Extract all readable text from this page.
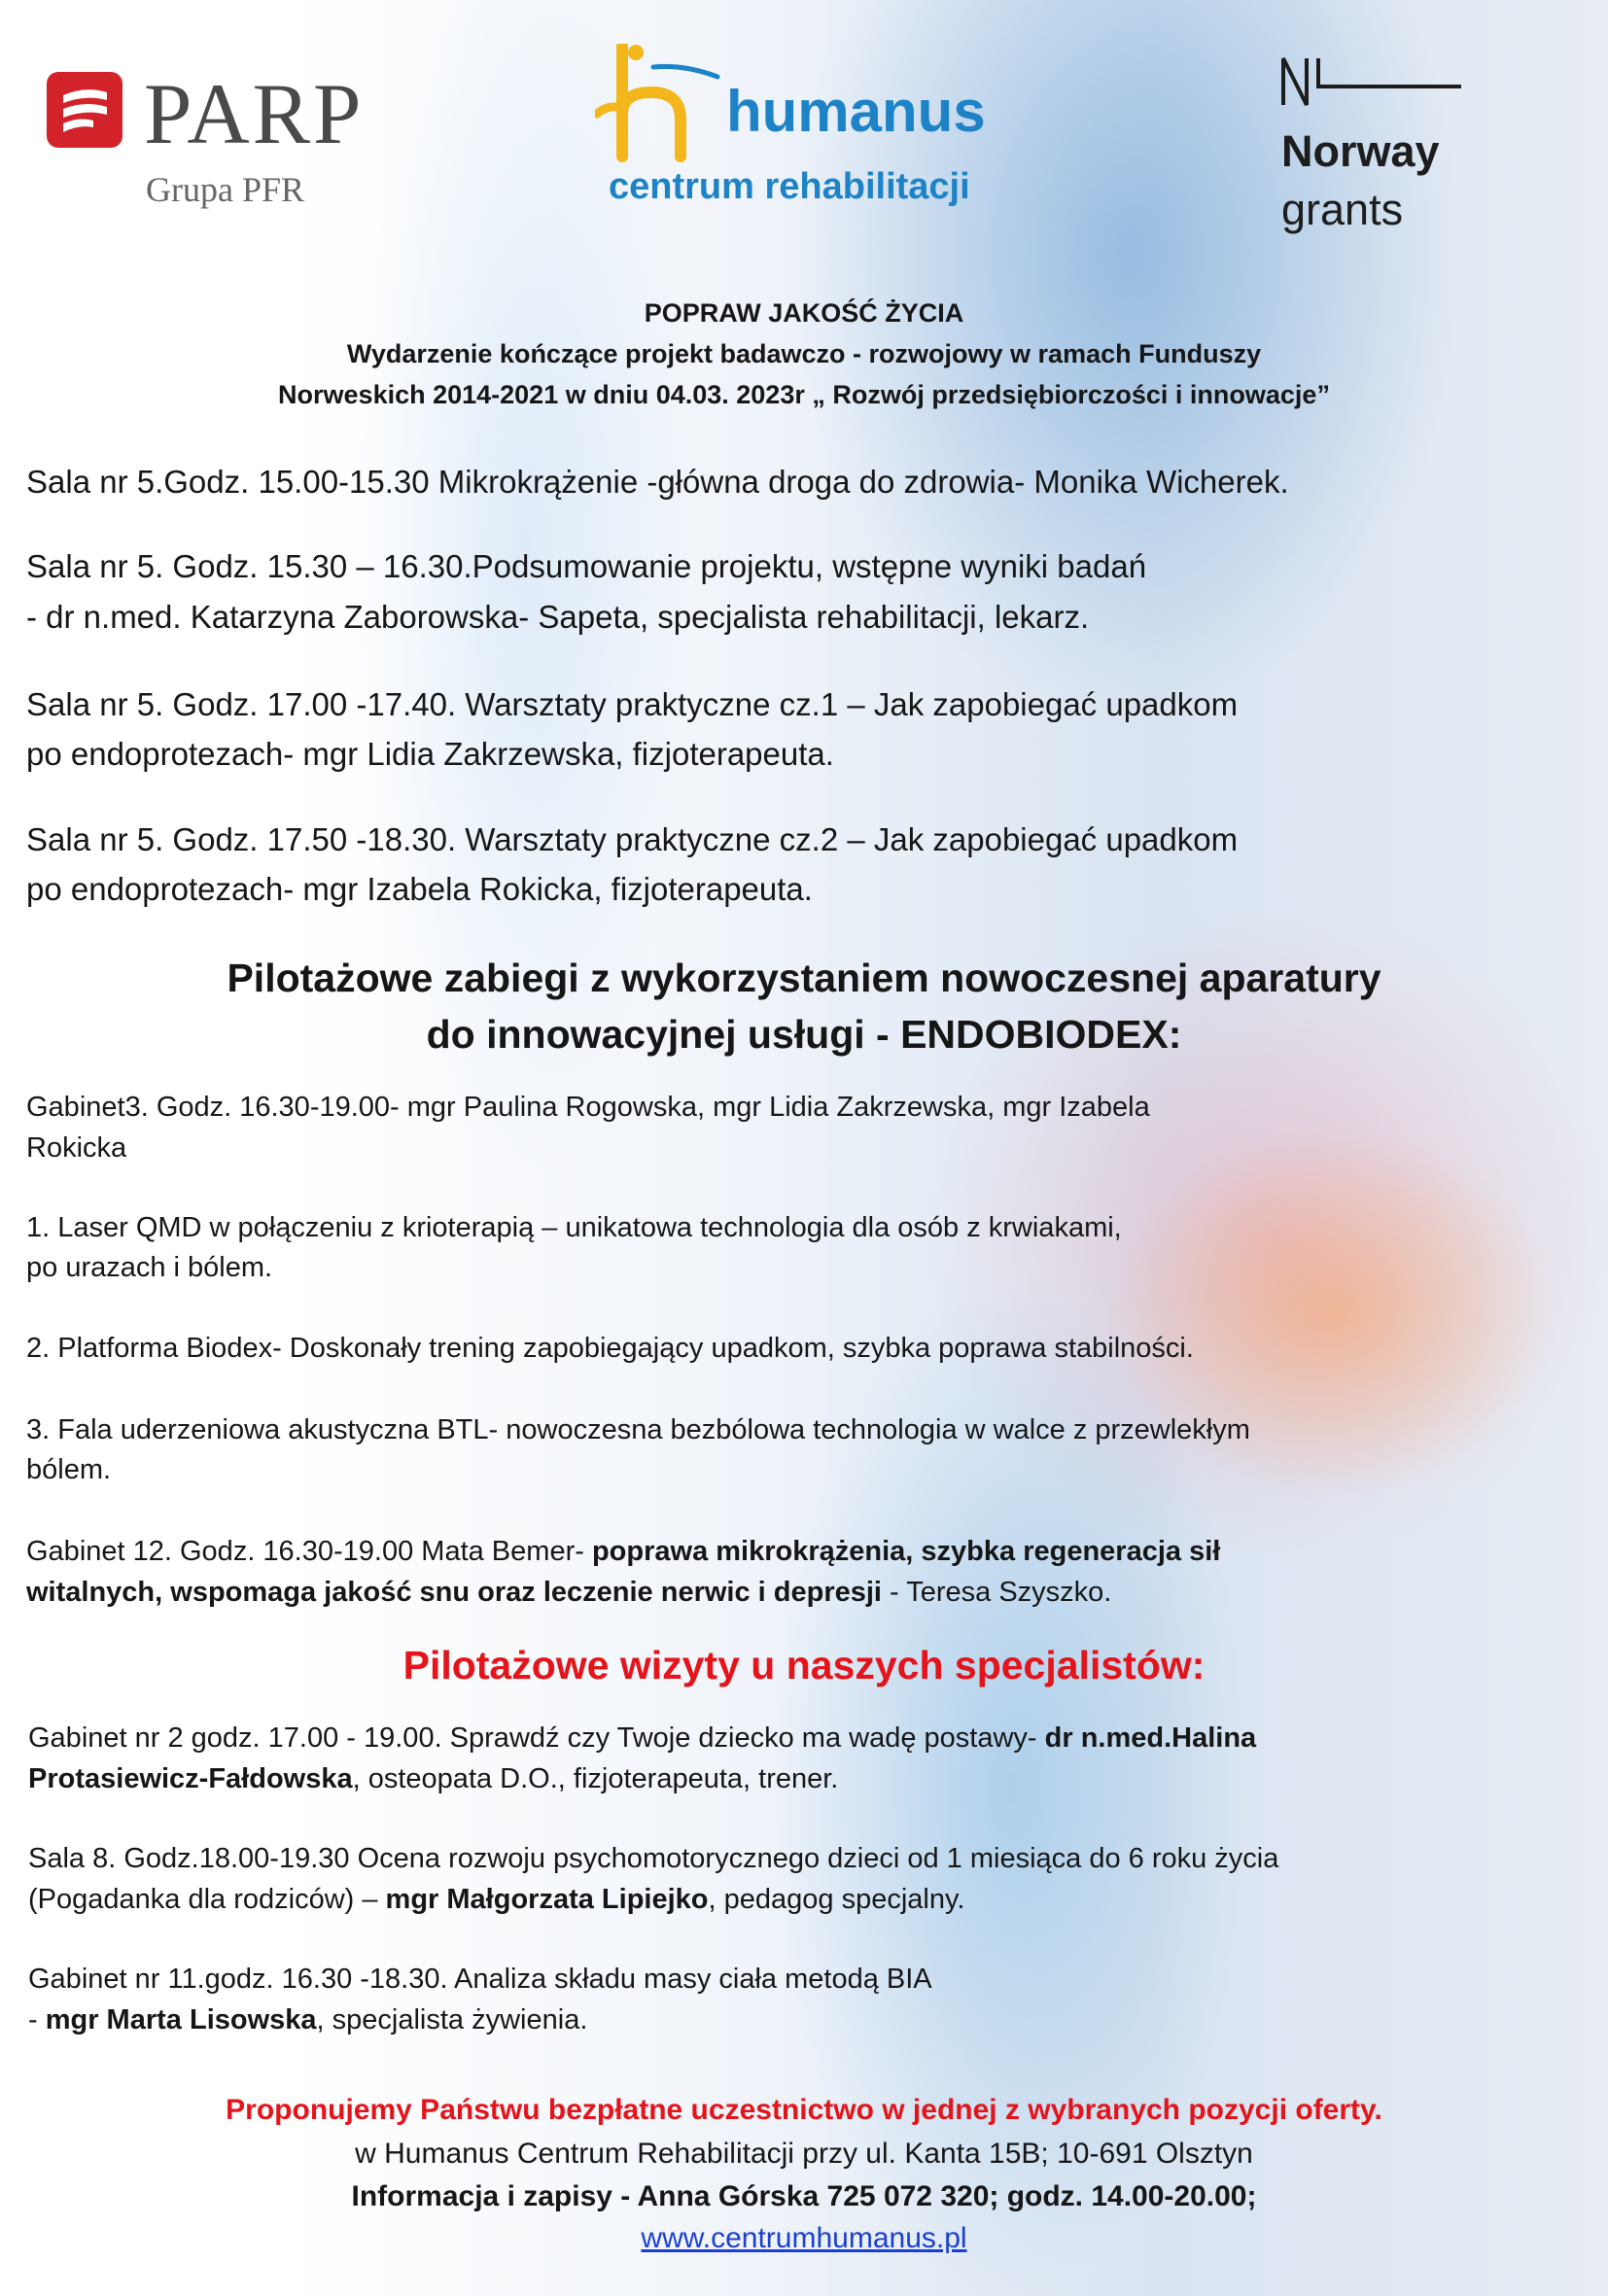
PARP
Grupa PFR
humanus
centrum rehabilitacji
Norway
grants
POPRAW JAKOŚĆ ŻYCIA
Wydarzenie kończące projekt badawczo - rozwojowy w ramach Funduszy
Norweskich 2014-2021 w dniu 04.03. 2023r „ Rozwój przedsiębiorczości i innowacje”
Sala nr 5.Godz. 15.00-15.30 Mikrokrążenie -główna droga do zdrowia- Monika Wicherek.
Sala nr 5. Godz. 15.30 – 16.30.Podsumowanie projektu, wstępne wyniki badań
- dr n.med. Katarzyna Zaborowska- Sapeta, specjalista rehabilitacji, lekarz.
Sala nr 5. Godz. 17.00 -17.40. Warsztaty praktyczne cz.1 – Jak zapobiegać upadkom
po endoprotezach- mgr Lidia Zakrzewska, fizjoterapeuta.
Sala nr 5. Godz. 17.50 -18.30. Warsztaty praktyczne cz.2 – Jak zapobiegać upadkom
po endoprotezach- mgr Izabela Rokicka, fizjoterapeuta.
Pilotażowe zabiegi z wykorzystaniem nowoczesnej aparatury
do innowacyjnej usługi - ENDOBIODEX:
Gabinet3. Godz. 16.30-19.00- mgr Paulina Rogowska, mgr Lidia Zakrzewska, mgr Izabela
Rokicka
1. Laser QMD w połączeniu z krioterapią – unikatowa technologia dla osób z krwiakami,
po urazach i bólem.
2. Platforma Biodex- Doskonały trening zapobiegający upadkom, szybka poprawa stabilności.
3. Fala uderzeniowa akustyczna BTL- nowoczesna bezbólowa technologia w walce z przewlekłym
bólem.
Gabinet 12. Godz. 16.30-19.00 Mata Bemer- poprawa mikrokrążenia, szybka regeneracja sił
witalnych, wspomaga jakość snu oraz leczenie nerwic i depresji - Teresa Szyszko.
Pilotażowe wizyty u naszych specjalistów:
Gabinet nr 2 godz. 17.00 - 19.00. Sprawdź czy Twoje dziecko ma wadę postawy- dr n.med.Halina
Protasiewicz-Fałdowska, osteopata D.O., fizjoterapeuta, trener.
Sala 8. Godz.18.00-19.30 Ocena rozwoju psychomotorycznego dzieci od 1 miesiąca do 6 roku życia
(Pogadanka dla rodziców) – mgr Małgorzata Lipiejko, pedagog specjalny.
Gabinet nr 11.godz. 16.30 -18.30. Analiza składu masy ciała metodą BIA
- mgr Marta Lisowska, specjalista żywienia.
Proponujemy Państwu bezpłatne uczestnictwo w jednej z wybranych pozycji oferty.
w Humanus Centrum Rehabilitacji przy ul. Kanta 15B; 10-691 Olsztyn
Informacja i zapisy - Anna Górska 725 072 320; godz. 14.00-20.00;
www.centrumhumanus.pl
